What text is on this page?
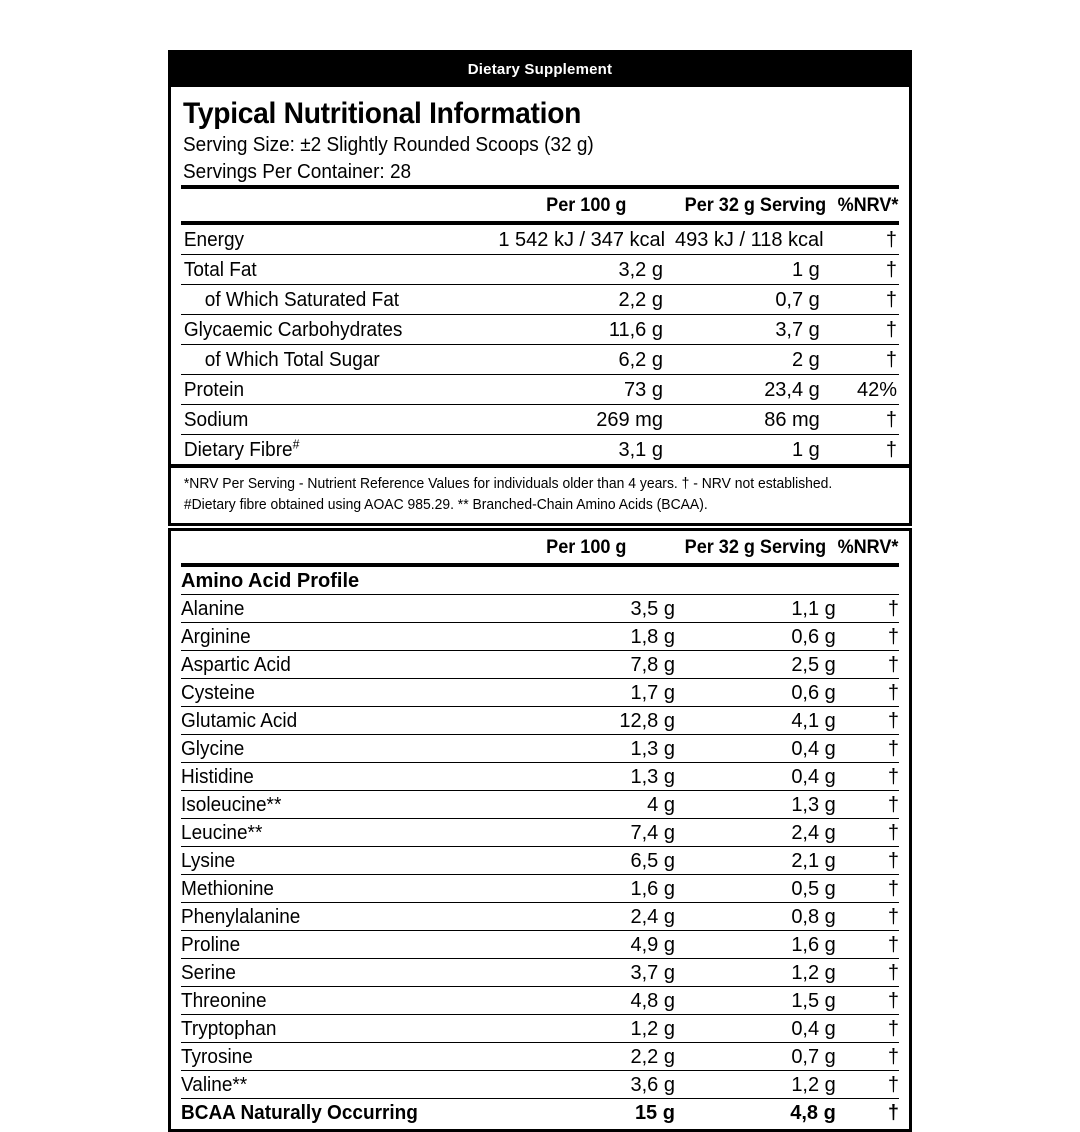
Dietary Supplement
Typical Nutritional Information
Serving Size: ±2 Slightly Rounded Scoops (32 g)
Servings Per Container: 28
	Per 100 g	Per 32 g Serving	%NRV*
Energy	1 542 kJ / 347 kcal	493 kJ / 118 kcal	†
Total Fat	3,2 g	1 g	†
of Which Saturated Fat	2,2 g	0,7 g	†
Glycaemic Carbohydrates	11,6 g	3,7 g	†
of Which Total Sugar	6,2 g	2 g	†
Protein	73 g	23,4 g	42%
Sodium	269 mg	86 mg	†
Dietary Fibre#	3,1 g	1 g	†
*NRV Per Serving - Nutrient Reference Values for individuals older than 4 years. † - NRV not established.
#Dietary fibre obtained using AOAC 985.29. ** Branched-Chain Amino Acids (BCAA).
	Per 100 g	Per 32 g Serving	%NRV*
Amino Acid Profile			
Alanine	3,5 g	1,1 g	†
Arginine	1,8 g	0,6 g	†
Aspartic Acid	7,8 g	2,5 g	†
Cysteine	1,7 g	0,6 g	†
Glutamic Acid	12,8 g	4,1 g	†
Glycine	1,3 g	0,4 g	†
Histidine	1,3 g	0,4 g	†
Isoleucine**	4 g	1,3 g	†
Leucine**	7,4 g	2,4 g	†
Lysine	6,5 g	2,1 g	†
Methionine	1,6 g	0,5 g	†
Phenylalanine	2,4 g	0,8 g	†
Proline	4,9 g	1,6 g	†
Serine	3,7 g	1,2 g	†
Threonine	4,8 g	1,5 g	†
Tryptophan	1,2 g	0,4 g	†
Tyrosine	2,2 g	0,7 g	†
Valine**	3,6 g	1,2 g	†
BCAA Naturally Occurring	15 g	4,8 g	†
